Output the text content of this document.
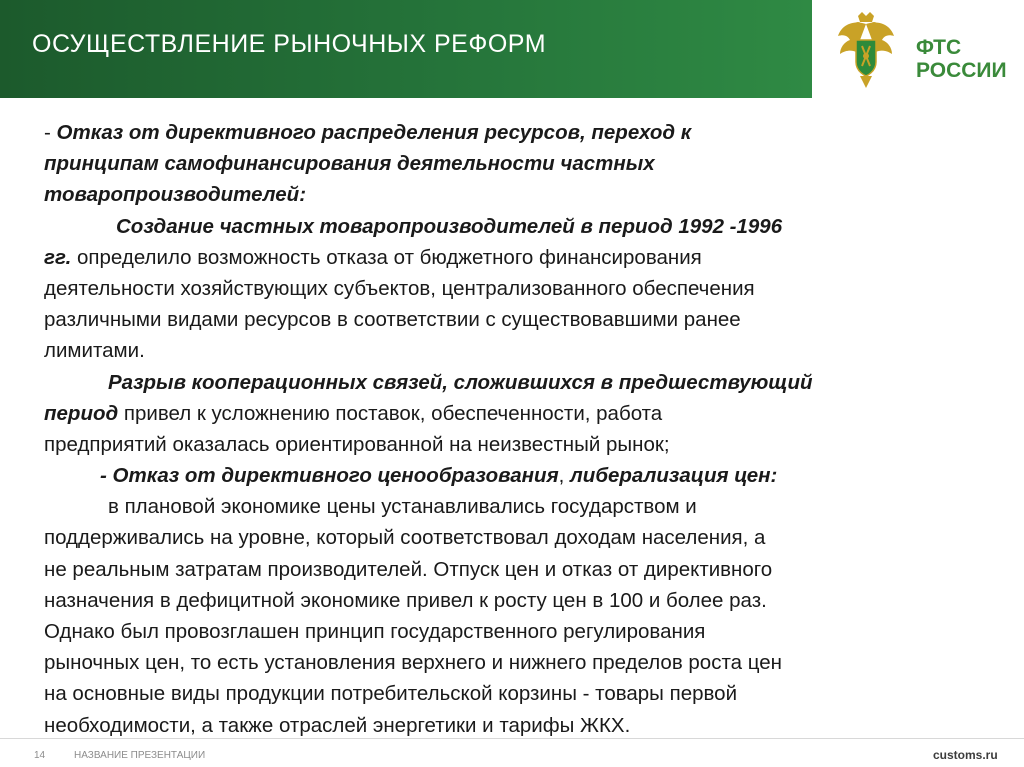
ОСУЩЕСТВЛЕНИЕ РЫНОЧНЫХ РЕФОРМ	ФТС
РОССИИ
- Отказ от директивного распределения ресурсов, переход к
принципам самофинансирования деятельности частных
товаропроизводителей:
Создание частных товаропроизводителей в период 1992 -1996
гг. определило возможность отказа от бюджетного финансирования
деятельности хозяйствующих субъектов, централизованного обеспечения
различными видами ресурсов в соответствии с существовавшими ранее
лимитами.
Разрыв кооперационных связей, сложившихся в предшествующий
период привел к усложнению поставок, обеспеченности, работа
предприятий оказалась ориентированной на неизвестный рынок;
- Отказ от директивного ценообразования, либерализация цен:
в плановой экономике цены устанавливались государством и
поддерживались на уровне, который соответствовал доходам населения, а
не реальным затратам производителей. Отпуск цен и отказ от директивного
назначения в дефицитной экономике привел к росту цен в 100 и более раз.
Однако был провозглашен принцип государственного регулирования
рыночных цен, то есть установления верхнего и нижнего пределов роста цен
на основные виды продукции потребительской корзины - товары первой
необходимости, а также отраслей энергетики и тарифы ЖКХ.
14	НАЗВАНИЕ ПРЕЗЕНТАЦИИ	customs.ru
